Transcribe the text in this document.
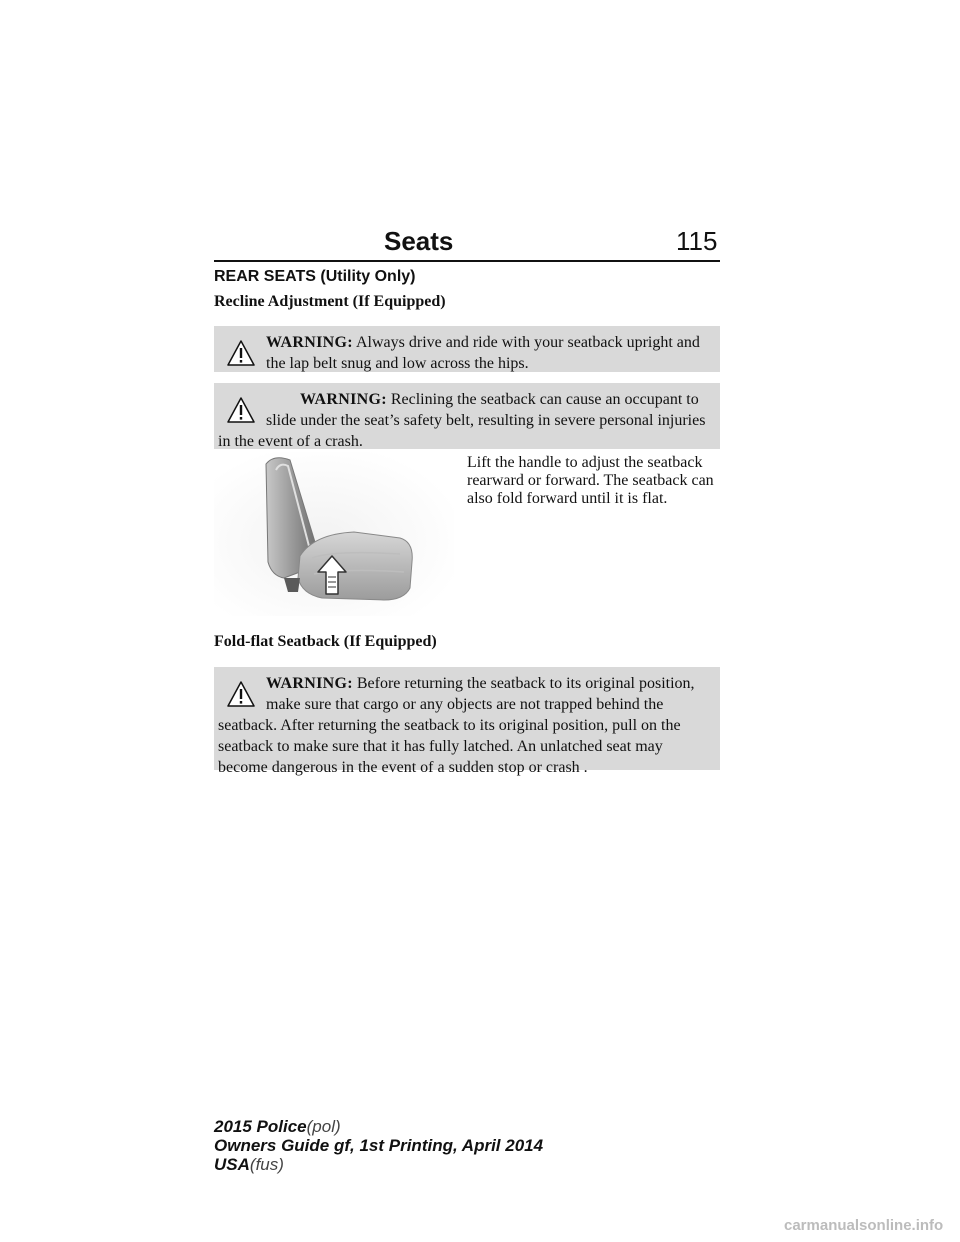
Seats	115
REAR SEATS (Utility Only)
Recline Adjustment (If Equipped)
WARNING: Always drive and ride with your seatback upright and the lap belt snug and low across the hips.
WARNING: Reclining the seatback can cause an occupant to slide under the seat’s safety belt, resulting in severe personal injuries in the event of a crash.
Lift the handle to adjust the seatback rearward or forward. The seatback can also fold forward until it is flat.
Fold-flat Seatback (If Equipped)
WARNING: Before returning the seatback to its original position, make sure that cargo or any objects are not trapped behind the seatback. After returning the seatback to its original position, pull on the seatback to make sure that it has fully latched. An unlatched seat may become dangerous in the event of a sudden stop or crash .
2015 Police(pol)
Owners Guide gf, 1st Printing, April 2014
USA(fus)
carmanualsonline.info
